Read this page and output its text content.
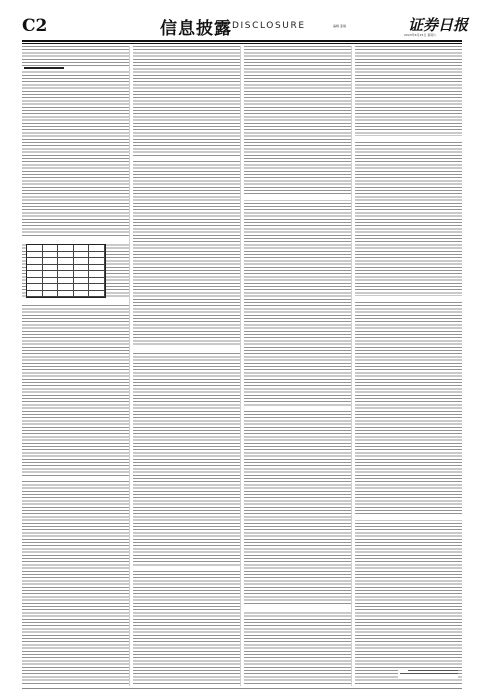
C2	信息披露 DISCLOSURE	编辑 姜楠	证券日报
2023年6月25日 星期六
